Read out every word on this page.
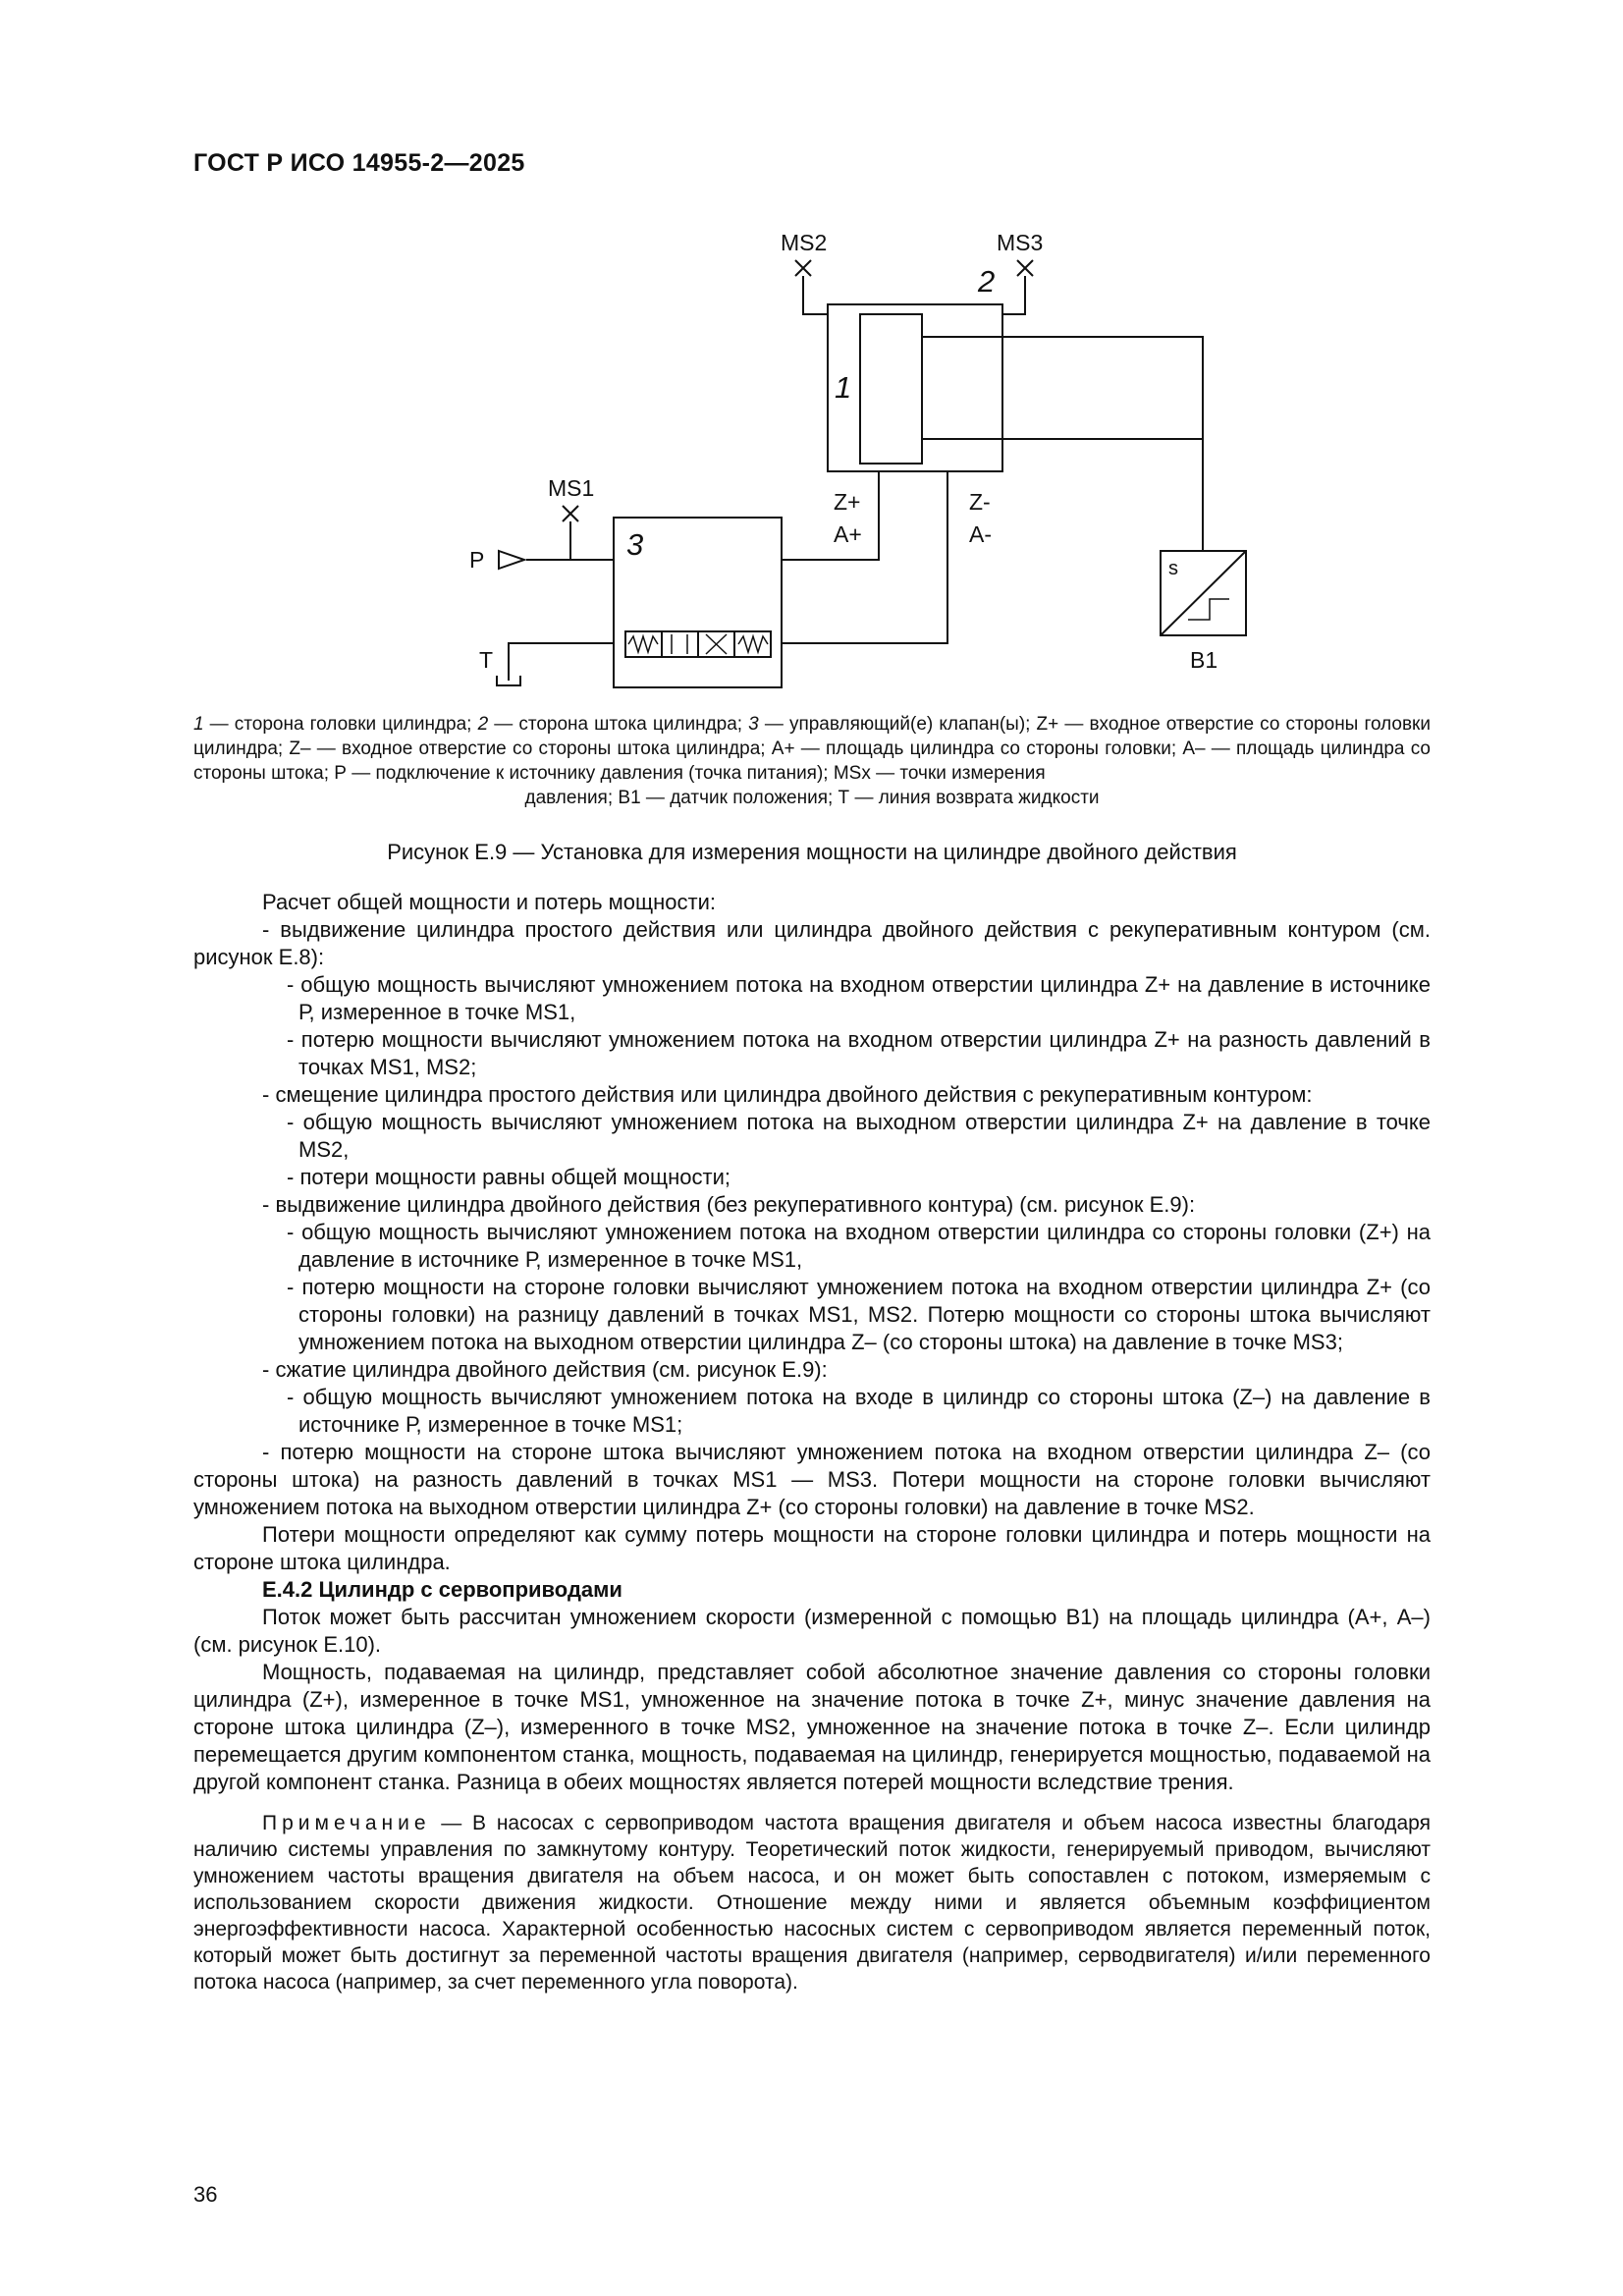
ГОСТ Р ИСО 14955-2—2025
MS2	MS3
MS1
2
1
3
Z+
A+
Z-
A-
P
T	B1
s
1 — сторона головки цилиндра; 2 — сторона штока цилиндра; 3 — управляющий(е) клапан(ы); Z+ — входное отверстие со стороны головки цилиндра; Z– — входное отверстие со стороны штока цилиндра; А+ — площадь цилиндра со стороны головки; А– — площадь цилиндра со стороны штока; Р — подключение к источнику давления (точка питания); MSx — точки измерения
давления; В1 — датчик положения; Т — линия возврата жидкости
Рисунок Е.9 — Установка для измерения мощности на цилиндре двойного действия

Расчет общей мощности и потерь мощности:

- выдвижение цилиндра простого действия или цилиндра двойного действия с рекуперативным контуром (см. рисунок Е.8):

- общую мощность вычисляют умножением потока на входном отверстии цилиндра Z+ на давление в источнике Р, измеренное в точке MS1,

- потерю мощности вычисляют умножением потока на входном отверстии цилиндра Z+ на разность давлений в точках MS1, MS2;

- смещение цилиндра простого действия или цилиндра двойного действия с рекуперативным контуром:

- общую мощность вычисляют умножением потока на выходном отверстии цилиндра Z+ на давление в точке MS2,

- потери мощности равны общей мощности;

- выдвижение цилиндра двойного действия (без рекуперативного контура) (см. рисунок Е.9):

- общую мощность вычисляют умножением потока на входном отверстии цилиндра со стороны головки (Z+) на давление в источнике Р, измеренное в точке MS1,

- потерю мощности на стороне головки вычисляют умножением потока на входном отверстии цилиндра Z+ (со стороны головки) на разницу давлений в точках MS1, MS2. Потерю мощности со стороны штока вычисляют умножением потока на выходном отверстии цилиндра Z– (со стороны штока) на давление в точке MS3;

- сжатие цилиндра двойного действия (см. рисунок Е.9):

- общую мощность вычисляют умножением потока на входе в цилиндр со стороны штока (Z–) на давление в источнике Р, измеренное в точке MS1;

- потерю мощности на стороне штока вычисляют умножением потока на входном отверстии цилиндра Z– (со стороны штока) на разность давлений в точках MS1 — MS3. Потери мощности на стороне головки вычисляют умножением потока на выходном отверстии цилиндра Z+ (со стороны головки) на давление в точке MS2.

Потери мощности определяют как сумму потерь мощности на стороне головки цилиндра и потерь мощности на стороне штока цилиндра.

Е.4.2 Цилиндр с сервоприводами

Поток может быть рассчитан умножением скорости (измеренной с помощью В1) на площадь цилиндра (А+, А–) (см. рисунок Е.10).

Мощность, подаваемая на цилиндр, представляет собой абсолютное значение давления со стороны головки цилиндра (Z+), измеренное в точке MS1, умноженное на значение потока в точке Z+, минус значение давления на стороне штока цилиндра (Z–), измеренного в точке MS2, умноженное на значение потока в точке Z–. Если цилиндр перемещается другим компонентом станка, мощность, подаваемая на цилиндр, генерируется мощностью, подаваемой на другой компонент станка. Разница в обеих мощностях является потерей мощности вследствие трения.

Примечание — В насосах с сервоприводом частота вращения двигателя и объем насоса известны благодаря наличию системы управления по замкнутому контуру. Теоретический поток жидкости, генерируемый приводом, вычисляют умножением частоты вращения двигателя на объем насоса, и он может быть сопоставлен с потоком, измеряемым с использованием скорости движения жидкости. Отношение между ними и является объемным коэффициентом энергоэффективности насоса. Характерной особенностью насосных систем с сервоприводом является переменный поток, который может быть достигнут за переменной частоты вращения двигателя (например, серводвигателя) и/или переменного потока насоса (например, за счет переменного угла поворота).

36
